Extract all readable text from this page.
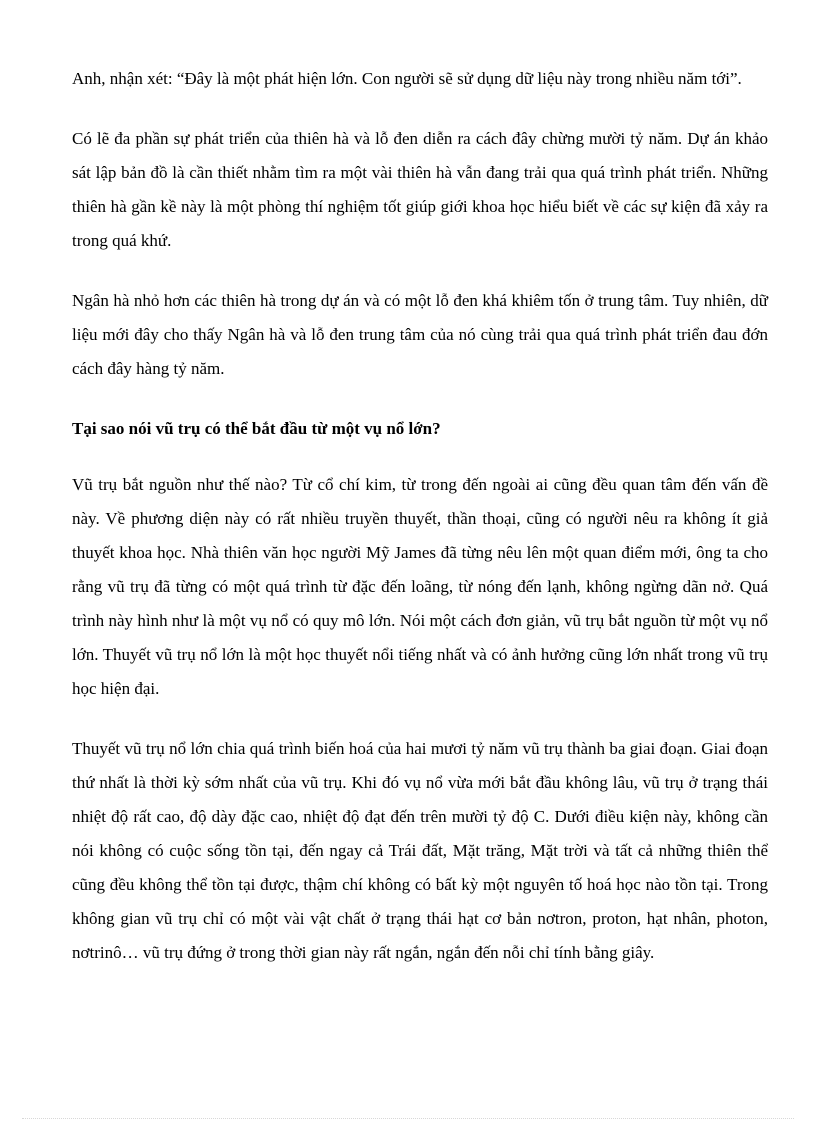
Anh, nhận xét: “Đây là một phát hiện lớn. Con người sẽ sử dụng dữ liệu này trong nhiều năm tới”.

Có lẽ đa phần sự phát triển của thiên hà và lỗ đen diễn ra cách đây chừng mười tỷ năm. Dự án khảo sát lập bản đồ là cần thiết nhằm tìm ra một vài thiên hà vẫn đang trải qua quá trình phát triển. Những thiên hà gần kề này là một phòng thí nghiệm tốt giúp giới khoa học hiểu biết về các sự kiện đã xảy ra trong quá khứ.

Ngân hà nhỏ hơn các thiên hà trong dự án và có một lỗ đen khá khiêm tốn ở trung tâm. Tuy nhiên, dữ liệu mới đây cho thấy Ngân hà và lỗ đen trung tâm của nó cùng trải qua quá trình phát triển đau đớn cách đây hàng tỷ năm.

Tại sao nói vũ trụ có thể bắt đầu từ một vụ nổ lớn?

Vũ trụ bắt nguồn như thế nào? Từ cổ chí kim, từ trong đến ngoài ai cũng đều quan tâm đến vấn đề này. Về phương diện này có rất nhiều truyền thuyết, thần thoại, cũng có người nêu ra không ít giả thuyết khoa học. Nhà thiên văn học người Mỹ James đã từng nêu lên một quan điểm mới, ông ta cho rằng vũ trụ đã từng có một quá trình từ đặc đến loãng, từ nóng đến lạnh, không ngừng dãn nở. Quá trình này hình như là một vụ nổ có quy mô lớn. Nói một cách đơn giản, vũ trụ bắt nguồn từ một vụ nổ lớn. Thuyết vũ trụ nổ lớn là một học thuyết nổi tiếng nhất và có ảnh hưởng cũng lớn nhất trong vũ trụ học hiện đại.

Thuyết vũ trụ nổ lớn chia quá trình biến hoá của hai mươi tỷ năm vũ trụ thành ba giai đoạn. Giai đoạn thứ nhất là thời kỳ sớm nhất của vũ trụ. Khi đó vụ nổ vừa mới bắt đầu không lâu, vũ trụ ở trạng thái nhiệt độ rất cao, độ dày đặc cao, nhiệt độ đạt đến trên mười tỷ độ C. Dưới điều kiện này, không cần nói không có cuộc sống tồn tại, đến ngay cả Trái đất, Mặt trăng, Mặt trời và tất cả những thiên thể cũng đều không thể tồn tại được, thậm chí không có bất kỳ một nguyên tố hoá học nào tồn tại. Trong không gian vũ trụ chỉ có một vài vật chất ở trạng thái hạt cơ bản nơtron, proton, hạt nhân, photon, nơtrinô… vũ trụ đứng ở trong thời gian này rất ngắn, ngắn đến nỗi chỉ tính bằng giây.
